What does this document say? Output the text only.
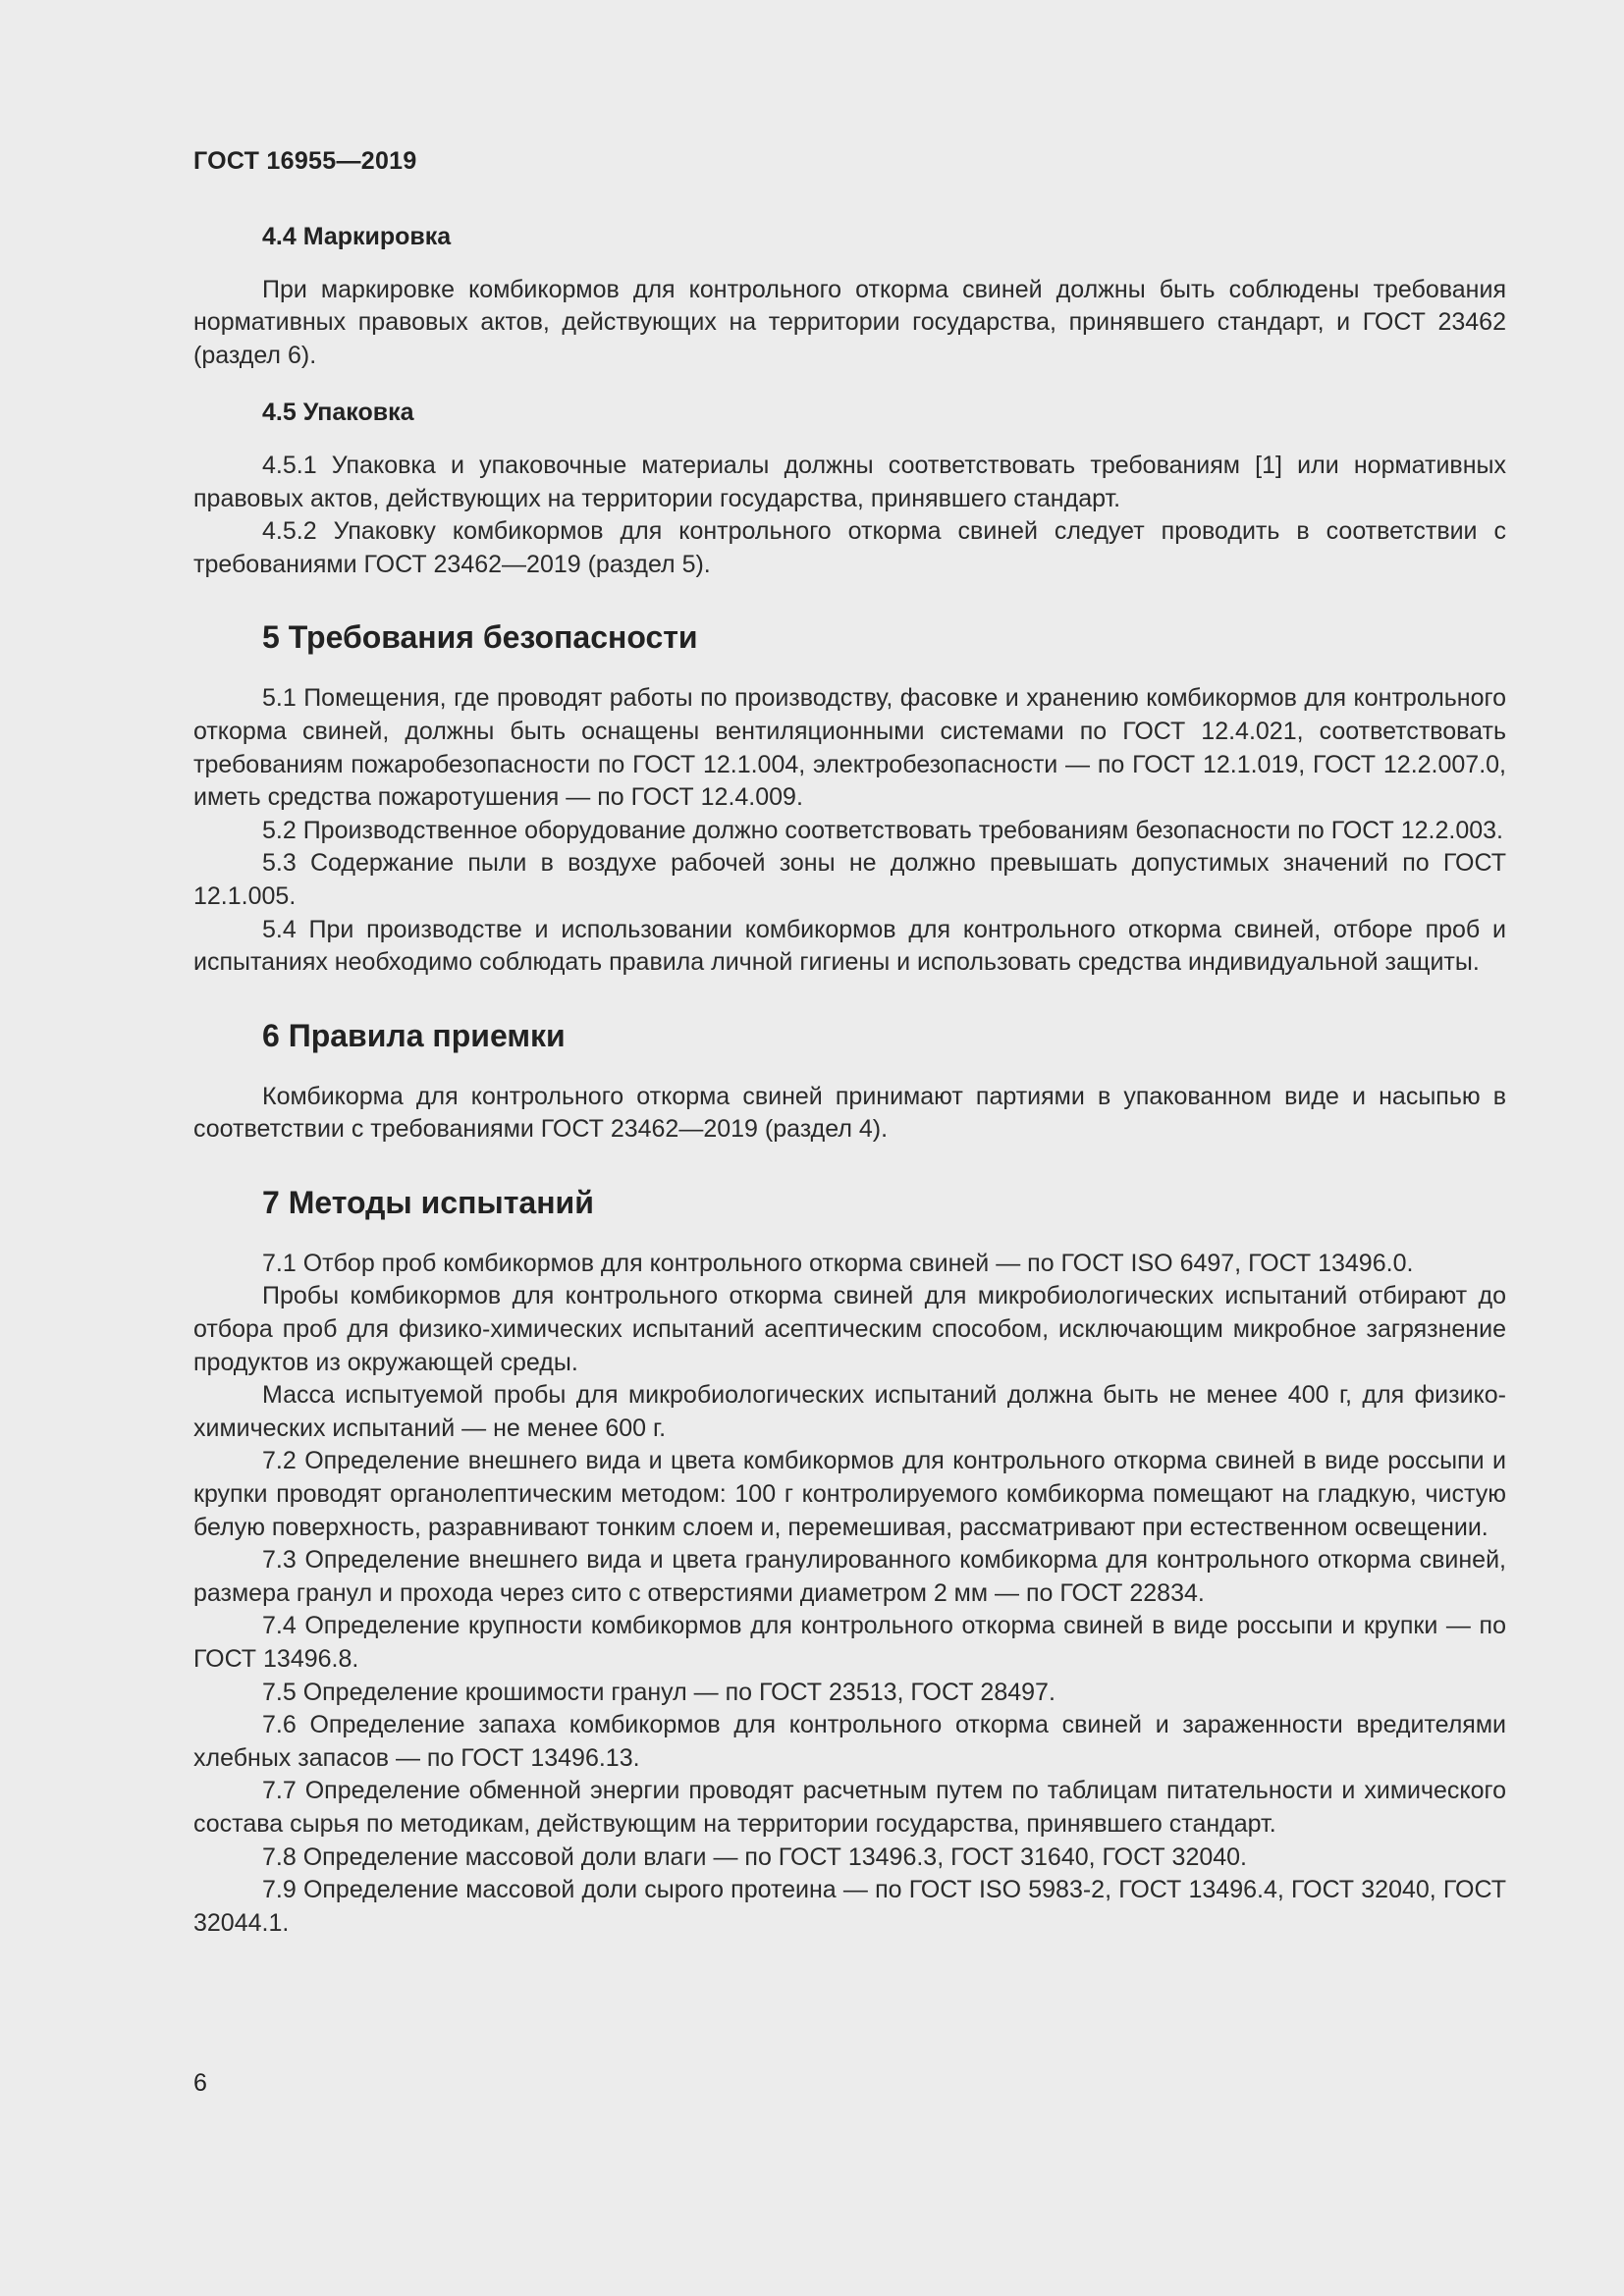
ГОСТ 16955—2019
4.4 Маркировка

При маркировке комбикормов для контрольного откорма свиней должны быть соблюдены требования нормативных правовых актов, действующих на территории государства, принявшего стандарт, и ГОСТ 23462 (раздел 6).

4.5 Упаковка

4.5.1 Упаковка и упаковочные материалы должны соответствовать требованиям [1] или нормативных правовых актов, действующих на территории государства, принявшего стандарт.

4.5.2 Упаковку комбикормов для контрольного откорма свиней следует проводить в соответствии с требованиями ГОСТ 23462—2019 (раздел 5).

5 Требования безопасности

5.1 Помещения, где проводят работы по производству, фасовке и хранению комбикормов для контрольного откорма свиней, должны быть оснащены вентиляционными системами по ГОСТ 12.4.021, соответствовать требованиям пожаробезопасности по ГОСТ 12.1.004, электробезопасности — по ГОСТ 12.1.019, ГОСТ 12.2.007.0, иметь средства пожаротушения — по ГОСТ 12.4.009.

5.2 Производственное оборудование должно соответствовать требованиям безопасности по ГОСТ 12.2.003.

5.3 Содержание пыли в воздухе рабочей зоны не должно превышать допустимых значений по ГОСТ 12.1.005.

5.4 При производстве и использовании комбикормов для контрольного откорма свиней, отборе проб и испытаниях необходимо соблюдать правила личной гигиены и использовать средства индивидуальной защиты.

6 Правила приемки

Комбикорма для контрольного откорма свиней принимают партиями в упакованном виде и насыпью в соответствии с требованиями ГОСТ 23462—2019 (раздел 4).

7 Методы испытаний

7.1 Отбор проб комбикормов для контрольного откорма свиней — по ГОСТ ISO 6497, ГОСТ 13496.0.

Пробы комбикормов для контрольного откорма свиней для микробиологических испытаний отбирают до отбора проб для физико-химических испытаний асептическим способом, исключающим микробное загрязнение продуктов из окружающей среды.

Масса испытуемой пробы для микробиологических испытаний должна быть не менее 400 г, для физико-химических испытаний — не менее 600 г.

7.2 Определение внешнего вида и цвета комбикормов для контрольного откорма свиней в виде россыпи и крупки проводят органолептическим методом: 100 г контролируемого комбикорма помещают на гладкую, чистую белую поверхность, разравнивают тонким слоем и, перемешивая, рассматривают при естественном освещении.

7.3 Определение внешнего вида и цвета гранулированного комбикорма для контрольного откорма свиней, размера гранул и прохода через сито с отверстиями диаметром 2 мм — по ГОСТ 22834.

7.4 Определение крупности комбикормов для контрольного откорма свиней в виде россыпи и крупки — по ГОСТ 13496.8.

7.5 Определение крошимости гранул — по ГОСТ 23513, ГОСТ 28497.

7.6 Определение запаха комбикормов для контрольного откорма свиней и зараженности вредителями хлебных запасов — по ГОСТ 13496.13.

7.7 Определение обменной энергии проводят расчетным путем по таблицам питательности и химического состава сырья по методикам, действующим на территории государства, принявшего стандарт.

7.8 Определение массовой доли влаги — по ГОСТ 13496.3, ГОСТ 31640, ГОСТ 32040.

7.9 Определение массовой доли сырого протеина — по ГОСТ ISO 5983-2, ГОСТ 13496.4, ГОСТ 32040, ГОСТ 32044.1.

6
